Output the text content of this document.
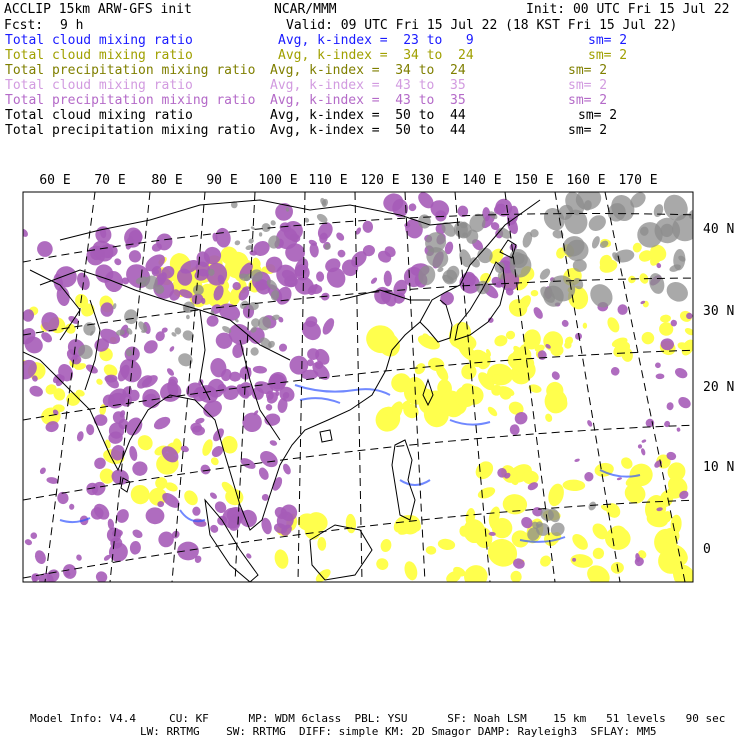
ACCLIP 15km ARW-GFS init	NCAR/MMM	Init: 00 UTC Fri 15 Jul 22
Fcst: 9 h	Valid: 09 UTC Fri 15 Jul 22 (18 KST Fri 15 Jul 22)
Total cloud mixing ratio	Avg, k-index =  23 to   9	sm= 2
Total cloud mixing ratio	Avg, k-index =  34 to  24	sm= 2
Total precipitation mixing ratio Avg, k-index =  34 to  24	sm= 2
Total cloud mixing ratio	Avg, k-index =  43 to  35	sm= 2
Total precipitation mixing ratio Avg, k-index =  43 to  35	sm= 2
Total cloud mixing ratio	Avg, k-index =  50 to  44	sm= 2
Total precipitation mixing ratio Avg, k-index =  50 to  44	sm= 2
60 E 70 E 80 E 90 E 100 E 110 E 120 E 130 E 140 E 150 E 160 E 170 E
40 N
30 N
20 N
10 N
0
Model Info: V4.4     CU: KF      MP: WDM 6class  PBL: YSU      SF: Noah LSM    15 km   51 levels   90 sec
LW: RRTMG    SW: RRTMG  DIFF: simple KM: 2D Smagor DAMP: Rayleigh3  SFLAY: MM5
